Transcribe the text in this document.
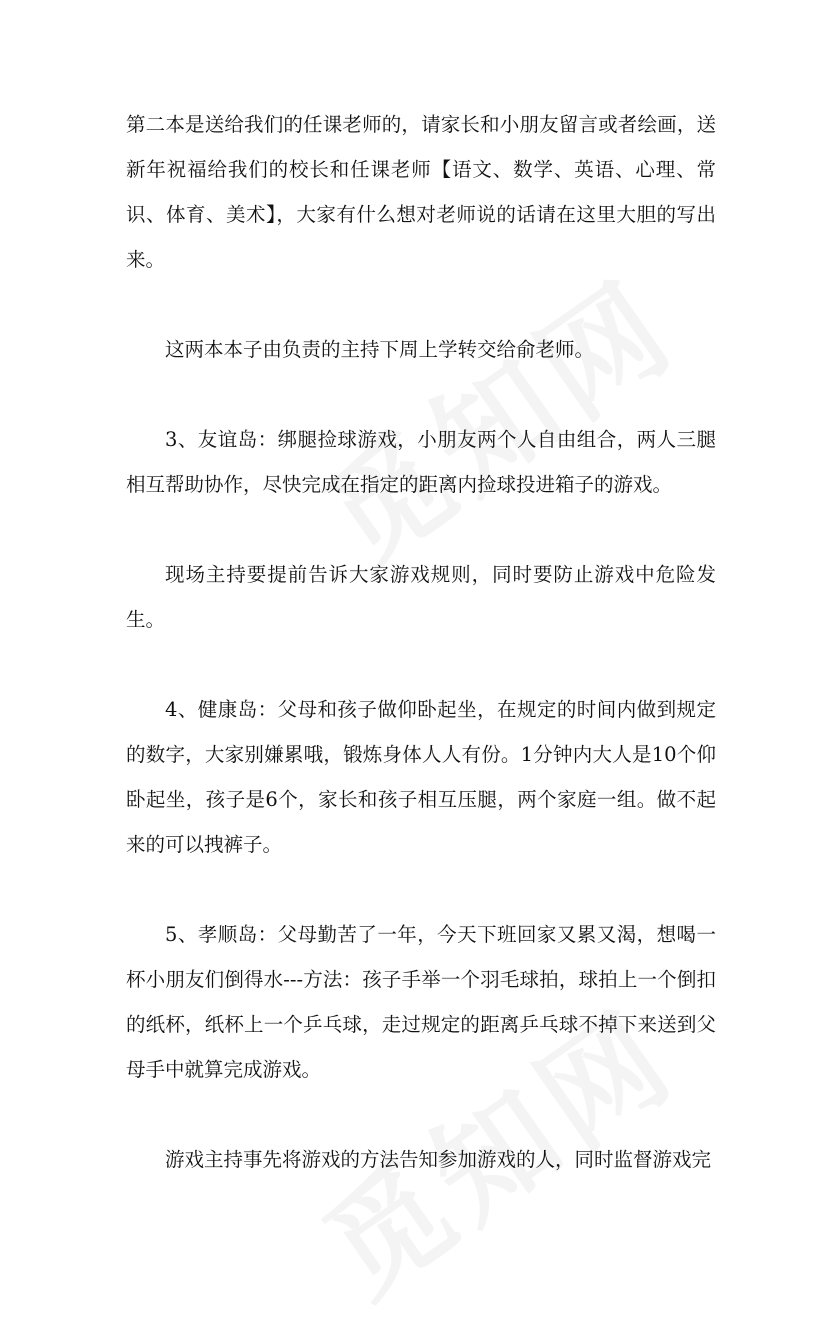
第二本是送给我们的任课老师的，请家长和小朋友留言或者绘画，送新年祝福给我们的校长和任课老师【语文、数学、英语、心理、常识、体育、美术】，大家有什么想对老师说的话请在这里大胆的写出来。

这两本本子由负责的主持下周上学转交给俞老师。

3、友谊岛：绑腿捡球游戏，小朋友两个人自由组合，两人三腿相互帮助协作，尽快完成在指定的距离内捡球投进箱子的游戏。

现场主持要提前告诉大家游戏规则，同时要防止游戏中危险发生。

4、健康岛：父母和孩子做仰卧起坐，在规定的时间内做到规定的数字，大家别嫌累哦，锻炼身体人人有份。1分钟内大人是10个仰卧起坐，孩子是6个，家长和孩子相互压腿，两个家庭一组。做不起来的可以拽裤子。

5、孝顺岛：父母勤苦了一年，今天下班回家又累又渴，想喝一杯小朋友们倒得水---方法：孩子手举一个羽毛球拍，球拍上一个倒扣的纸杯，纸杯上一个乒乓球，走过规定的距离乒乓球不掉下来送到父母手中就算完成游戏。

游戏主持事先将游戏的方法告知参加游戏的人，同时监督游戏完
